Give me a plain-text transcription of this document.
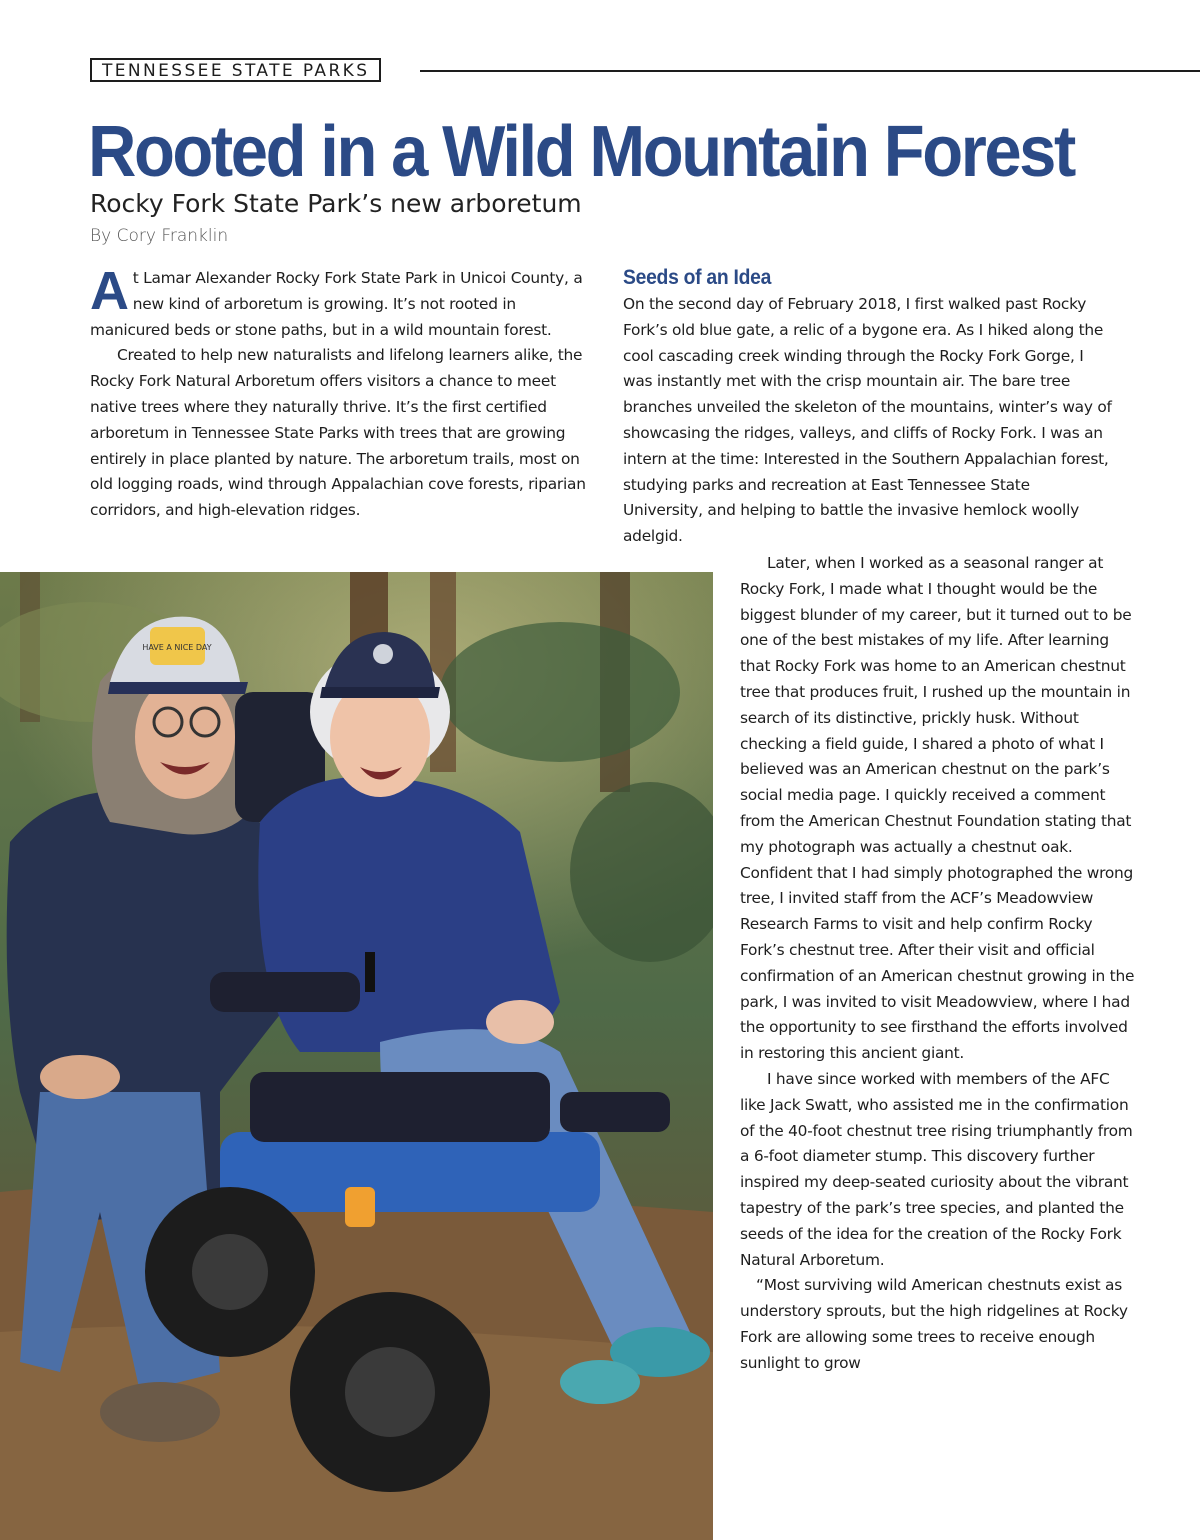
TENNESSEE STATE PARKS
Rooted in a Wild Mountain Forest
Rocky Fork State Park’s new arboretum
By Cory Franklin

At Lamar Alexander Rocky Fork State Park in Unicoi County, a new kind of arboretum is growing. It’s not rooted in manicured beds or stone paths, but in a wild mountain forest.

Created to help new naturalists and lifelong learners alike, the Rocky Fork Natural Arboretum offers visitors a chance to meet native trees where they naturally thrive. It’s the first certified arboretum in Tennessee State Parks with trees that are growing entirely in place planted by nature. The arboretum trails, most on old logging roads, wind through Appalachian cove forests, riparian corridors, and high-elevation ridges.

Seeds of an Idea

On the second day of February 2018, I first walked past Rocky Fork’s old blue gate, a relic of a bygone era. As I hiked along the cool cascading creek winding through the Rocky Fork Gorge, I was instantly met with the crisp mountain air. The bare tree branches unveiled the skeleton of the mountains, winter’s way of showcasing the ridges, valleys, and cliffs of Rocky Fork. I was an intern at the time: Interested in the Southern Appalachian forest, studying parks and recreation at East Tennessee State University, and helping to battle the invasive hemlock woolly adelgid.

Later, when I worked as a seasonal ranger at Rocky Fork, I made what I thought would be the biggest blunder of my career, but it turned out to be one of the best mistakes of my life. After learning that Rocky Fork was home to an American chestnut tree that produces fruit, I rushed up the mountain in search of its distinctive, prickly husk. Without checking a field guide, I shared a photo of what I believed was an American chestnut on the park’s social media page. I quickly received a comment from the American Chestnut Foundation stating that my photograph was actually a chestnut oak. Confident that I had simply photographed the wrong tree, I invited staff from the ACF’s Meadowview Research Farms to visit and help confirm Rocky Fork’s chestnut tree. After their visit and official confirmation of an American chestnut growing in the park, I was invited to visit Meadowview, where I had the opportunity to see firsthand the efforts involved in restoring this ancient giant.

I have since worked with members of the AFC like Jack Swatt, who assisted me in the confirmation of the 40-foot chestnut tree rising triumphantly from a 6-foot diameter stump. This discovery further inspired my deep-seated curiosity about the vibrant tapestry of the park’s tree species, and planted the seeds of the idea for the creation of the Rocky Fork Natural Arboretum.

“Most surviving wild American chestnuts exist as understory sprouts, but the high ridgelines at Rocky Fork are allowing some trees to receive enough sunlight to grow

HAVE A NICE DAY
